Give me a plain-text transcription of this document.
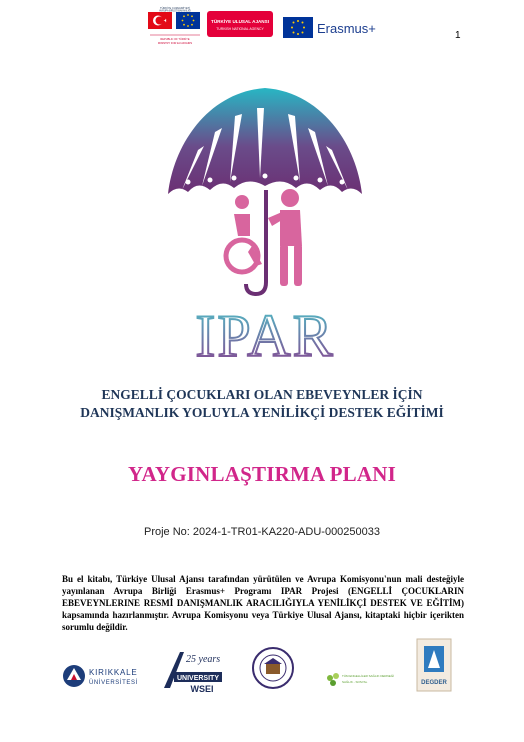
TÜRKİYE CUMHURİYETİ
AVRUPA BİRLİĞİ BAKANLIĞI
REPUBLIC OF TÜRKİYE
MINISTRY FOR EU AFFAIRS
TÜRKİYE ULUSAL AJANSI
TURKISH NATIONAL AGENCY	Erasmus+	1
IPAR
ENGELLİ ÇOCUKLARI OLAN EBEVEYNLER İÇİN
DANIŞMANLIK YOLUYLA YENİLİKÇİ DESTEK EĞİTİMİ
YAYGINLAŞTIRMA PLANI
Proje No: 2024-1-TR01-KA220-ADU-000250033
Bu el kitabı, Türkiye Ulusal Ajansı tarafından yürütülen ve Avrupa Komisyonu'nun mali desteğiyle yayınlanan Avrupa Birliği Erasmus+ Programı IPAR Projesi (ENGELLİ ÇOCUKLARIN EBEVEYNLERINE RESMİ DANIŞMANLIK ARACILIĞIYLA YENİLİKÇİ DESTEK VE EĞİTİM) kapsamında hazırlanmıştır. Avrupa Komisyonu veya Türkiye Ulusal Ajansı, kitaptaki hiçbir içerikten sorumlu değildir.
KIRIKKALE
ÜNİVERSİTESİ
25 years
UNIVERSITY
WSEI
TÜM ENGELLİLER SAĞLIK DERNEĞİ
SAĞLIK - SOSYAL	DEGDER
